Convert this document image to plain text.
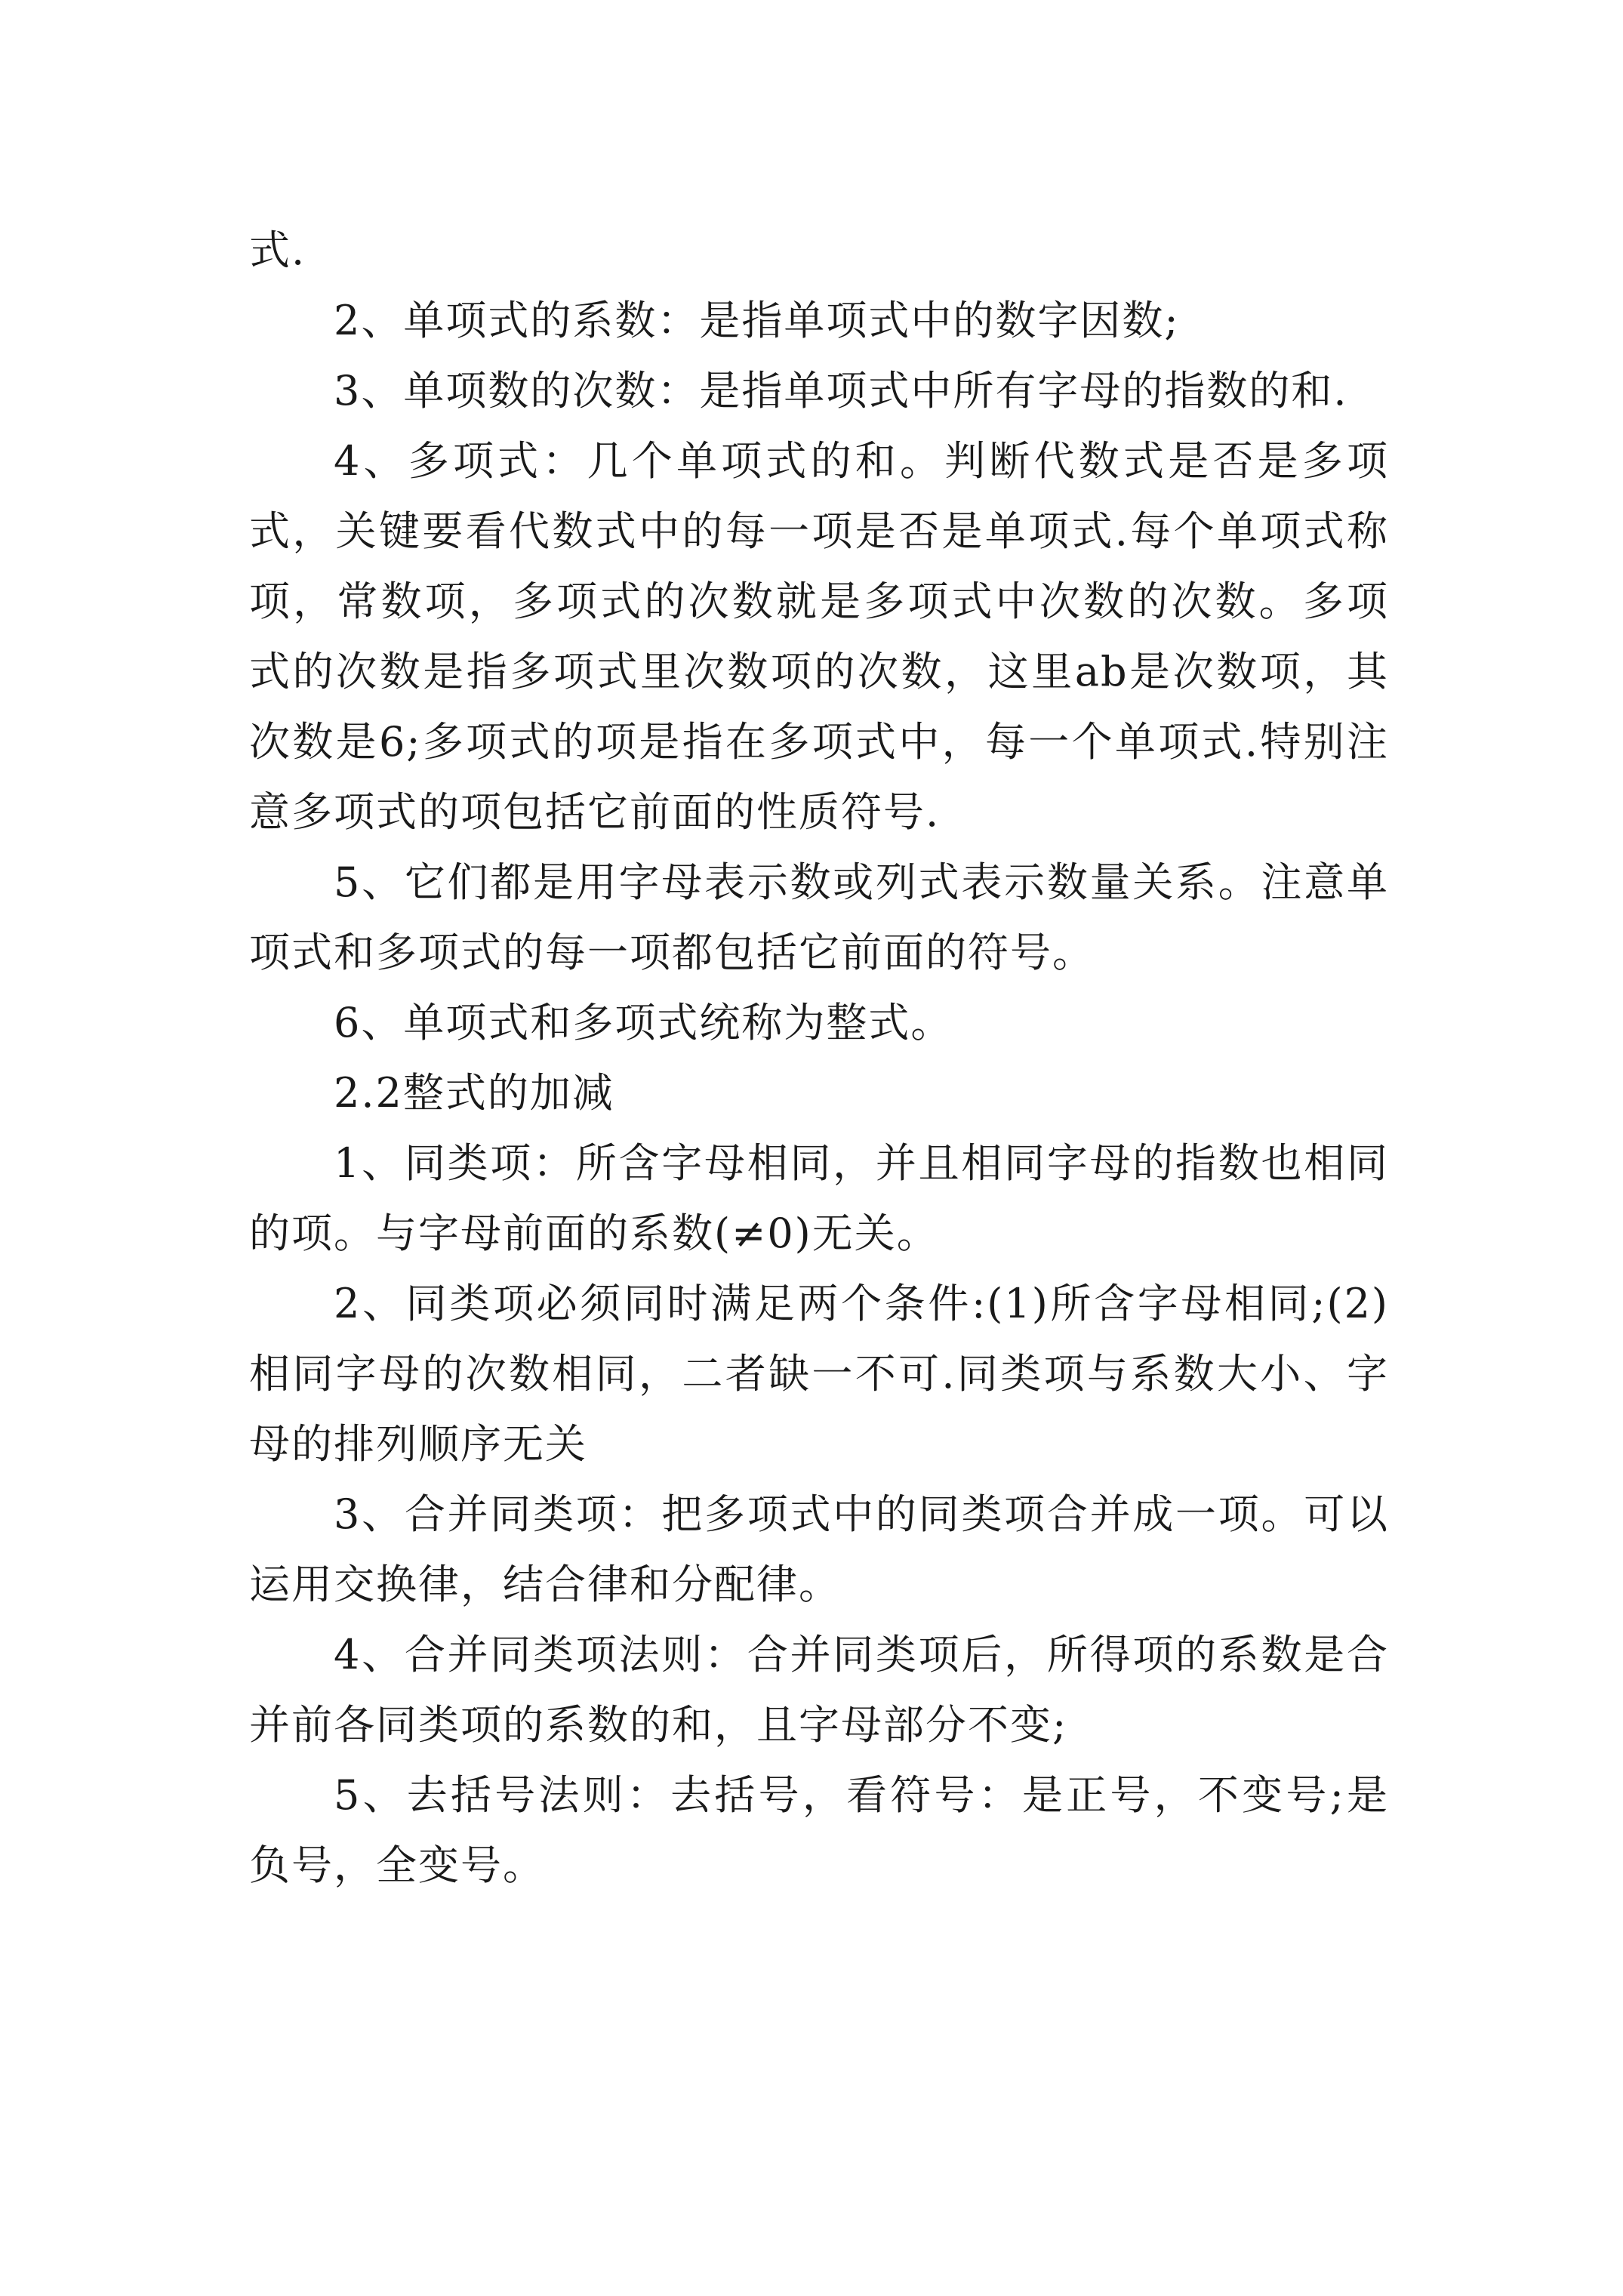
式.

2、单项式的系数：是指单项式中的数字因数;

3、单项数的次数：是指单项式中所有字母的指数的和.

4、多项式：几个单项式的和。判断代数式是否是多项式，关键要看代数式中的每一项是否是单项式.每个单项式称项，常数项，多项式的次数就是多项式中次数的次数。多项式的次数是指多项式里次数项的次数，这里ab是次数项，其次数是6;多项式的项是指在多项式中，每一个单项式.特别注意多项式的项包括它前面的性质符号.

5、它们都是用字母表示数或列式表示数量关系。注意单项式和多项式的每一项都包括它前面的符号。

6、单项式和多项式统称为整式。

2.2整式的加减

1、同类项：所含字母相同，并且相同字母的指数也相同的项。与字母前面的系数(≠0)无关。

2、同类项必须同时满足两个条件:(1)所含字母相同;(2)相同字母的次数相同，二者缺一不可.同类项与系数大小、字母的排列顺序无关

3、合并同类项：把多项式中的同类项合并成一项。可以运用交换律，结合律和分配律。

4、合并同类项法则：合并同类项后，所得项的系数是合并前各同类项的系数的和，且字母部分不变;

5、去括号法则：去括号，看符号：是正号，不变号;是负号，全变号。
